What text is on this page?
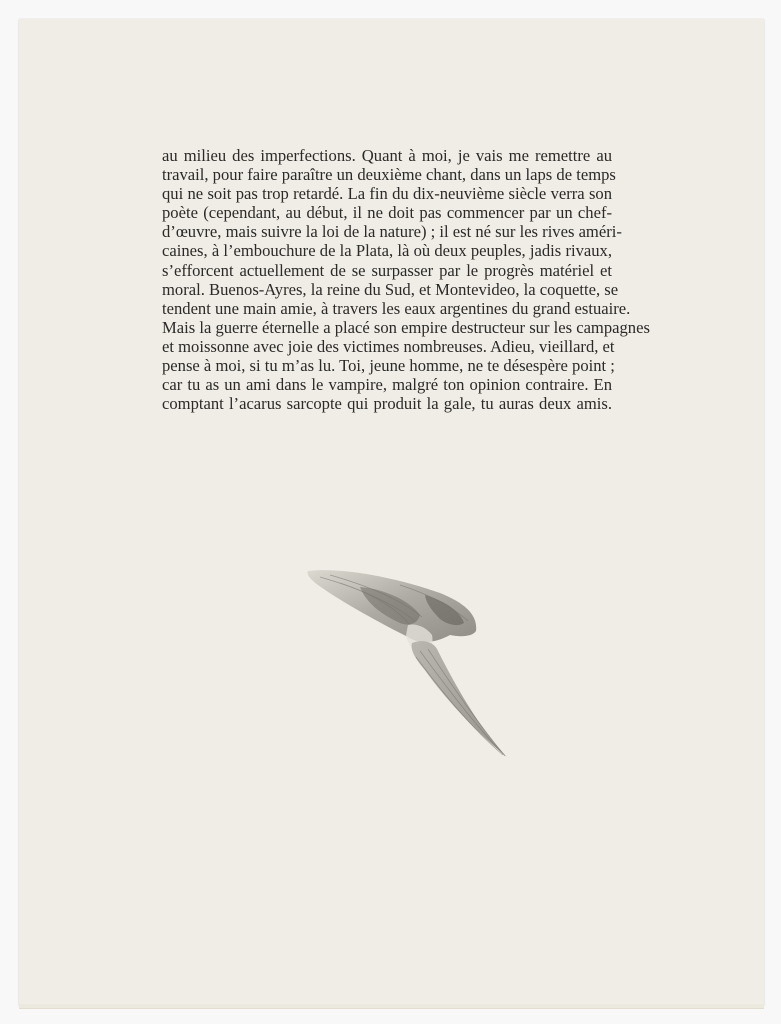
au milieu des imperfections. Quant à moi, je vais me remettre au
travail, pour faire paraître un deuxième chant, dans un laps de temps
qui ne soit pas trop retardé. La fin du dix-neuvième siècle verra son
poète (cependant, au début, il ne doit pas commencer par un chef-
d’œuvre, mais suivre la loi de la nature) ; il est né sur les rives améri-
caines, à l’embouchure de la Plata, là où deux peuples, jadis rivaux,
s’efforcent actuellement de se surpasser par le progrès matériel et
moral. Buenos-Ayres, la reine du Sud, et Montevideo, la coquette, se
tendent une main amie, à travers les eaux argentines du grand estuaire.
Mais la guerre éternelle a placé son empire destructeur sur les campagnes
et moissonne avec joie des victimes nombreuses. Adieu, vieillard, et
pense à moi, si tu m’as lu. Toi, jeune homme, ne te désespère point ;
car tu as un ami dans le vampire, malgré ton opinion contraire. En
comptant l’acarus sarcopte qui produit la gale, tu auras deux amis.
